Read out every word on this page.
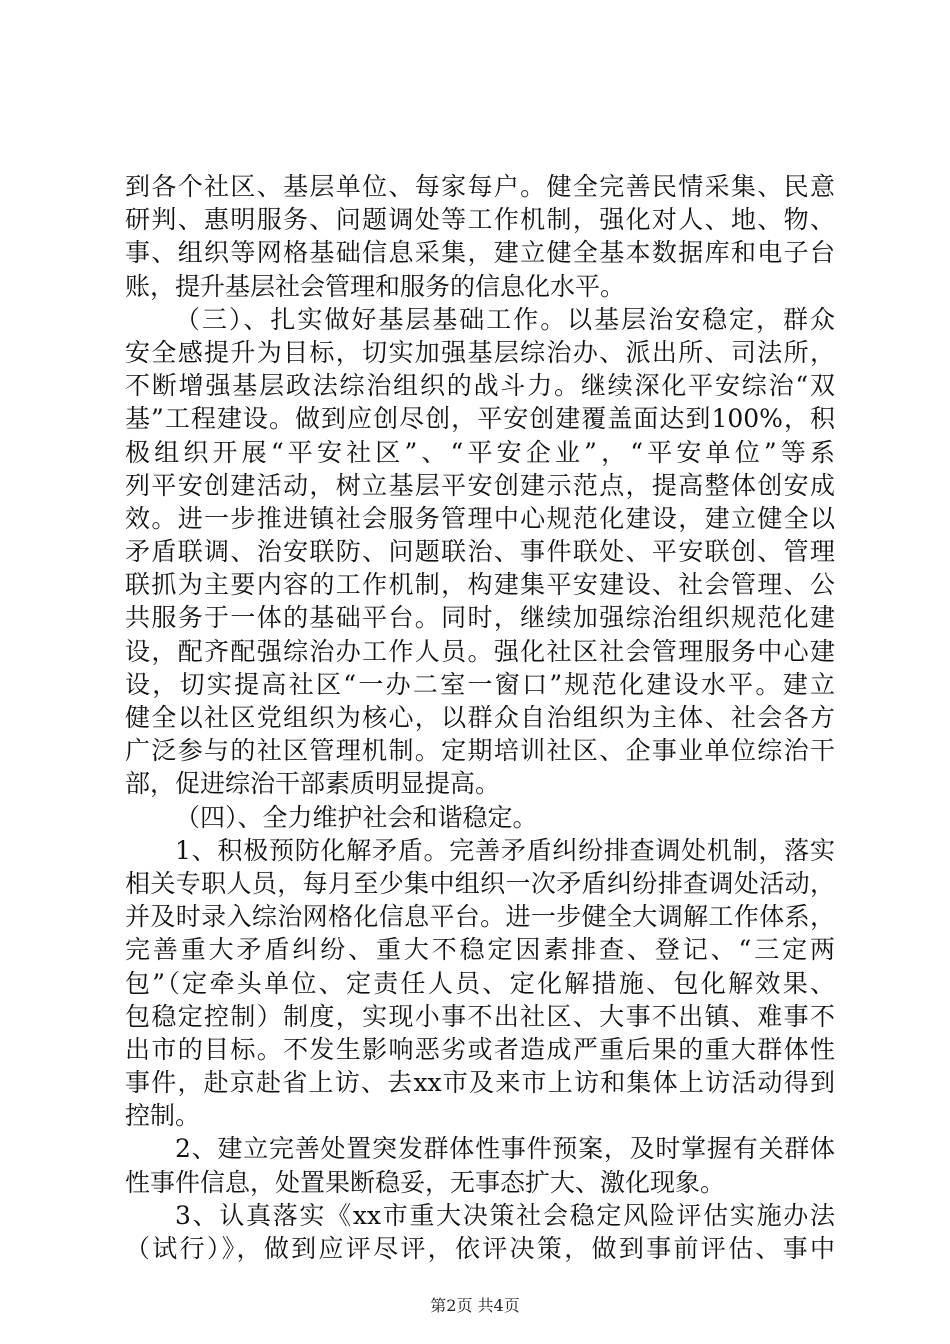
到各个社区、基层单位、每家每户。健全完善民情采集、民意
研判、惠明服务、问题调处等工作机制，强化对人、地、物、
事、组织等网格基础信息采集，建立健全基本数据库和电子台
账，提升基层社会管理和服务的信息化水平。
（三）、扎实做好基层基础工作。以基层治安稳定，群众
安全感提升为目标，切实加强基层综治办、派出所、司法所，
不断增强基层政法综治组织的战斗力。继续深化平安综治“双
基”工程建设。做到应创尽创，平安创建覆盖面达到100%，积
极组织开展“平安社区”、“平安企业”，“平安单位”等系
列平安创建活动，树立基层平安创建示范点，提高整体创安成
效。进一步推进镇社会服务管理中心规范化建设，建立健全以
矛盾联调、治安联防、问题联治、事件联处、平安联创、管理
联抓为主要内容的工作机制，构建集平安建设、社会管理、公
共服务于一体的基础平台。同时，继续加强综治组织规范化建
设，配齐配强综治办工作人员。强化社区社会管理服务中心建
设，切实提高社区“一办二室一窗口”规范化建设水平。建立
健全以社区党组织为核心，以群众自治组织为主体、社会各方
广泛参与的社区管理机制。定期培训社区、企事业单位综治干
部，促进综治干部素质明显提高。
（四）、全力维护社会和谐稳定。
1、积极预防化解矛盾。完善矛盾纠纷排查调处机制，落实
相关专职人员，每月至少集中组织一次矛盾纠纷排查调处活动，
并及时录入综治网格化信息平台。进一步健全大调解工作体系，
完善重大矛盾纠纷、重大不稳定因素排查、登记、“三定两
包”（定牵头单位、定责任人员、定化解措施、包化解效果、
包稳定控制）制度，实现小事不出社区、大事不出镇、难事不
出市的目标。不发生影响恶劣或者造成严重后果的重大群体性
事件，赴京赴省上访、去xx市及来市上访和集体上访活动得到
控制。
2、建立完善处置突发群体性事件预案，及时掌握有关群体
性事件信息，处置果断稳妥，无事态扩大、激化现象。
3、认真落实《xx市重大决策社会稳定风险评估实施办法
（试行）》，做到应评尽评，依评决策，做到事前评估、事中
第2页 共4页
